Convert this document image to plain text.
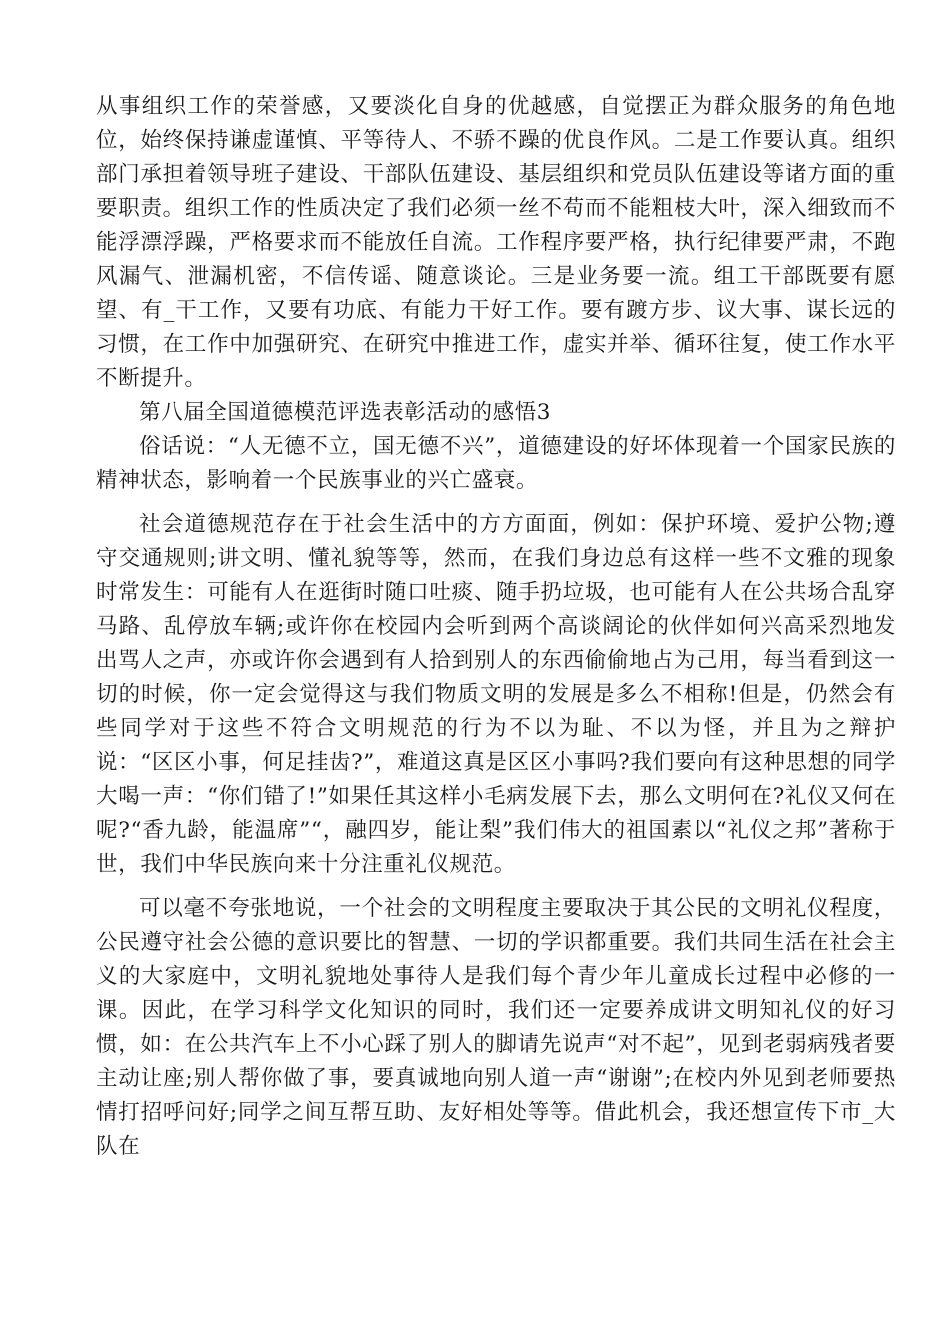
从事组织工作的荣誉感，又要淡化自身的优越感，自觉摆正为群众服务的角色地位，始终保持谦虚谨慎、平等待人、不骄不躁的优良作风。二是工作要认真。组织部门承担着领导班子建设、干部队伍建设、基层组织和党员队伍建设等诸方面的重要职责。组织工作的性质决定了我们必须一丝不苟而不能粗枝大叶，深入细致而不能浮漂浮躁，严格要求而不能放任自流。工作程序要严格，执行纪律要严肃，不跑风漏气、泄漏机密，不信传谣、随意谈论。三是业务要一流。组工干部既要有愿望、有_干工作，又要有功底、有能力干好工作。要有踱方步、议大事、谋长远的习惯，在工作中加强研究、在研究中推进工作，虚实并举、循环往复，使工作水平不断提升。

第八届全国道德模范评选表彰活动的感悟3

俗话说：“人无德不立，国无德不兴”，道德建设的好坏体现着一个国家民族的精神状态，影响着一个民族事业的兴亡盛衰。

社会道德规范存在于社会生活中的方方面面，例如：保护环境、爱护公物;遵守交通规则;讲文明、懂礼貌等等，然而，在我们身边总有这样一些不文雅的现象时常发生：可能有人在逛街时随口吐痰、随手扔垃圾，也可能有人在公共场合乱穿马路、乱停放车辆;或许你在校园内会听到两个高谈阔论的伙伴如何兴高采烈地发出骂人之声，亦或许你会遇到有人拾到别人的东西偷偷地占为己用，每当看到这一切的时候，你一定会觉得这与我们物质文明的发展是多么不相称!但是，仍然会有些同学对于这些不符合文明规范的行为不以为耻、不以为怪，并且为之辩护说：“区区小事，何足挂齿?”，难道这真是区区小事吗?我们要向有这种思想的同学大喝一声：“你们错了!”如果任其这样小毛病发展下去，那么文明何在?礼仪又何在呢?“香九龄，能温席”“，融四岁，能让梨”我们伟大的祖国素以“礼仪之邦”著称于世，我们中华民族向来十分注重礼仪规范。

可以毫不夸张地说，一个社会的文明程度主要取决于其公民的文明礼仪程度，公民遵守社会公德的意识要比的智慧、一切的学识都重要。我们共同生活在社会主义的大家庭中，文明礼貌地处事待人是我们每个青少年儿童成长过程中必修的一课。因此，在学习科学文化知识的同时，我们还一定要养成讲文明知礼仪的好习惯，如：在公共汽车上不小心踩了别人的脚请先说声“对不起”，见到老弱病残者要主动让座;别人帮你做了事，要真诚地向别人道一声“谢谢”;在校内外见到老师要热情打招呼问好;同学之间互帮互助、友好相处等等。借此机会，我还想宣传下市_大队在
